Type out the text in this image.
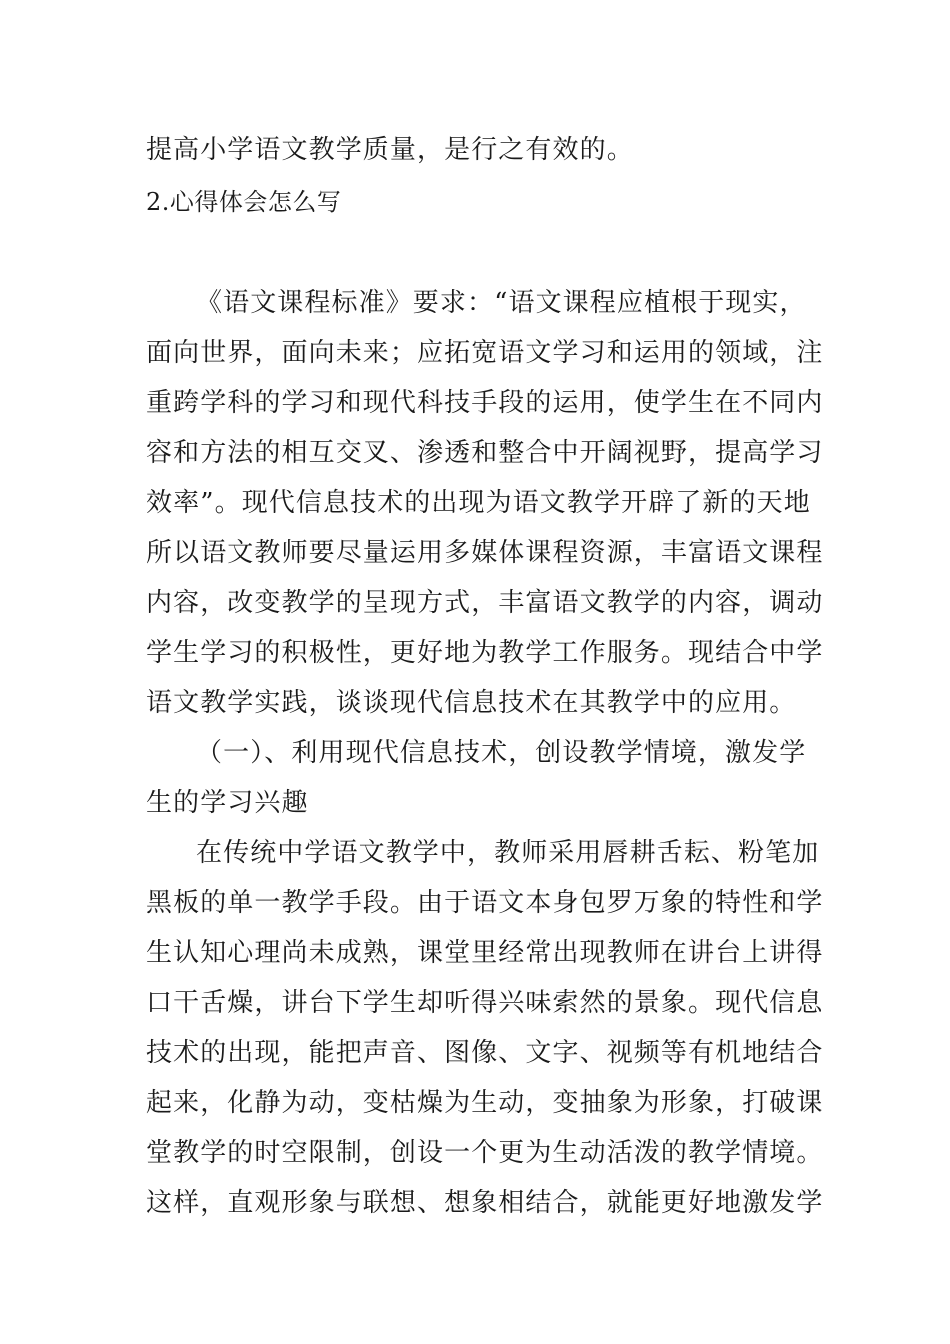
提高小学语文教学质量，是行之有效的。
2.心得体会怎么写
《语文课程标准》要求：“语文课程应植根于现实，
面向世界，面向未来；应拓宽语文学习和运用的领域，注
重跨学科的学习和现代科技手段的运用，使学生在不同内
容和方法的相互交叉、渗透和整合中开阔视野，提高学习
效率”。现代信息技术的出现为语文教学开辟了新的天地
所以语文教师要尽量运用多媒体课程资源，丰富语文课程
内容，改变教学的呈现方式，丰富语文教学的内容，调动
学生学习的积极性，更好地为教学工作服务。现结合中学
语文教学实践，谈谈现代信息技术在其教学中的应用。
（一）、利用现代信息技术，创设教学情境，激发学
生的学习兴趣
在传统中学语文教学中，教师采用唇耕舌耘、粉笔加
黑板的单一教学手段。由于语文本身包罗万象的特性和学
生认知心理尚未成熟，课堂里经常出现教师在讲台上讲得
口干舌燥，讲台下学生却听得兴味索然的景象。现代信息
技术的出现，能把声音、图像、文字、视频等有机地结合
起来，化静为动，变枯燥为生动，变抽象为形象，打破课
堂教学的时空限制，创设一个更为生动活泼的教学情境。
这样，直观形象与联想、想象相结合，就能更好地激发学
